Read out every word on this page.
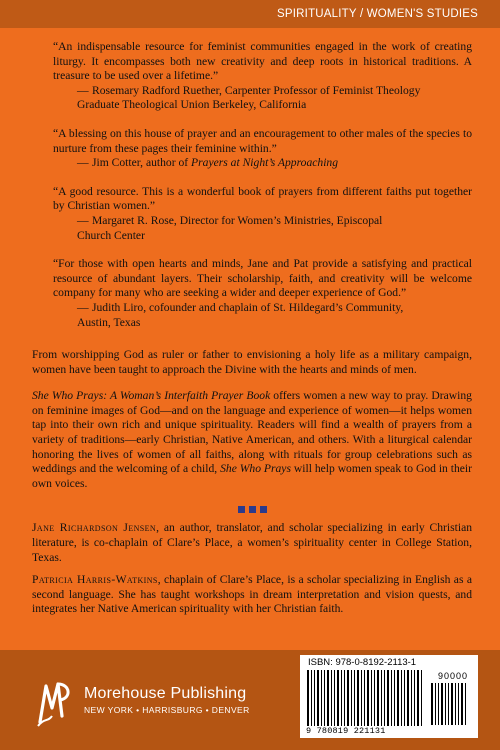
SPIRITUALITY / WOMEN'S STUDIES

“An indispensable resource for feminist communities engaged in the work of creating liturgy. It encompasses both new creativity and deep roots in historical traditions. A treasure to be used over a lifetime.”

— Rosemary Radford Ruether, Carpenter Professor of Feminist Theology
Graduate Theological Union Berkeley, California

“A blessing on this house of prayer and an encouragement to other males of the species to nurture from these pages their feminine within.”

— Jim Cotter, author of Prayers at Night’s Approaching

“A good resource. This is a wonderful book of prayers from different faiths put together by Christian women.”

— Margaret R. Rose, Director for Women’s Ministries, Episcopal
Church Center

“For those with open hearts and minds, Jane and Pat provide a satisfying and practical resource of abundant layers. Their scholarship, faith, and creativity will be welcome company for many who are seeking a wider and deeper experience of God.”

— Judith Liro, cofounder and chaplain of St. Hildegard’s Community,
Austin, Texas

From worshipping God as ruler or father to envisioning a holy life as a military campaign, women have been taught to approach the Divine with the hearts and minds of men.

She Who Prays: A Woman’s Interfaith Prayer Book offers women a new way to pray. Drawing on feminine images of God—and on the language and experience of women—it helps women tap into their own rich and unique spirituality. Readers will find a wealth of prayers from a variety of traditions—early Christian, Native American, and others. With a liturgical calendar honoring the lives of women of all faiths, along with rituals for group celebrations such as weddings and the welcoming of a child, She Who Prays will help women speak to God in their own voices.

Jane Richardson Jensen, an author, translator, and scholar specializing in early Christian literature, is co-chaplain of Clare’s Place, a women’s spirituality center in College Station, Texas.

Patricia Harris-Watkins, chaplain of Clare’s Place, is a scholar specializing in English as a second language. She has taught workshops in dream interpretation and vision quests, and integrates her Native American spirituality with her Christian faith.

Morehouse Publishing
NEW YORK • HARRISBURG • DENVER
ISBN: 978-0-8192-2113-1
90000
9 780819 221131
